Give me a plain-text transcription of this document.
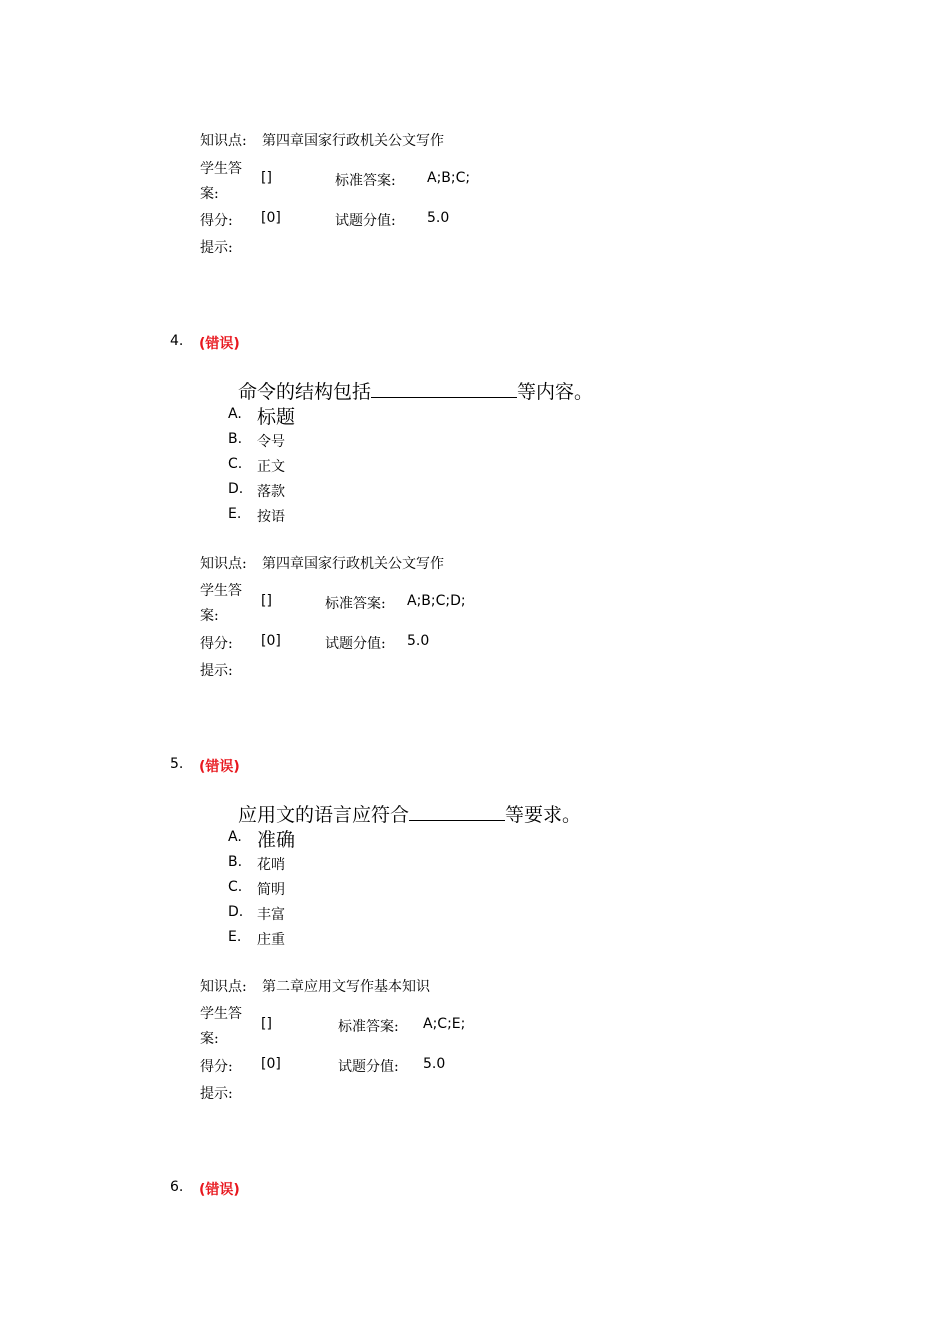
知识点: 第四章国家行政机关公文写作
学生答
案:
[]	标准答案: A;B;C;
得分: [0]	试题分值: 5.0
提示:
4. (错误)
命令的结构包括	等内容。
A. 标题
B. 令号
C. 正文
D. 落款
E. 按语
知识点: 第四章国家行政机关公文写作
学生答
案:
[]	标准答案: A;B;C;D;
得分: [0]	试题分值: 5.0
提示:
5. (错误)
应用文的语言应符合	等要求。
A. 准确
B. 花哨
C. 简明
D. 丰富
E. 庄重
知识点: 第二章应用文写作基本知识
学生答
案:
[]	标准答案: A;C;E;
得分: [0]	试题分值: 5.0
提示:
6. (错误)
